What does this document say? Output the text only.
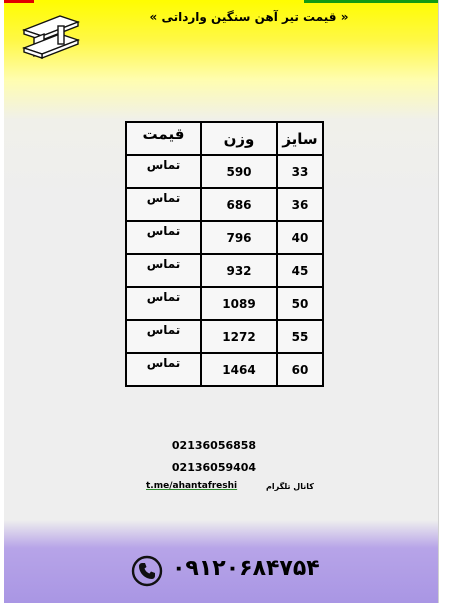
« قیمت تیر آهن سنگین وارداتی »
سایز	وزن	قیمت
33	590	تماس
36	686	تماس
40	796	تماس
45	932	تماس
50	1089	تماس
55	1272	تماس
60	1464	تماس
02136056858
02136059404
t.me/ahantafreshi	کانال تلگرام
۰۹۱۲۰۶۸۴۷۵۴
